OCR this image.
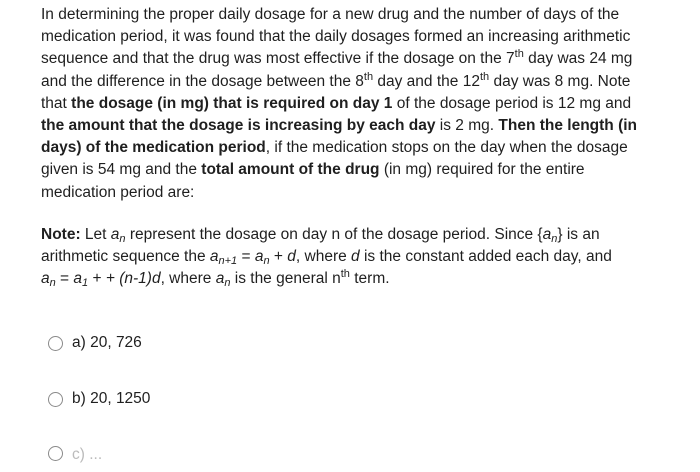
In determining the proper daily dosage for a new drug and the number of days of the medication period, it was found that the daily dosages formed an increasing arithmetic sequence and that the drug was most effective if the dosage on the 7th day was 24 mg and the difference in the dosage between the 8th day and the 12th day was 8 mg. Note that the dosage (in mg) that is required on day 1 of the dosage period is 12 mg and the amount that the dosage is increasing by each day is 2 mg. Then the length (in days) of the medication period, if the medication stops on the day when the dosage given is 54 mg and the total amount of the drug (in mg) required for the entire medication period are:

Note: Let $a_n$ represent the dosage on day n of the dosage period. Since $\{a_n\}$ is an arithmetic sequence the $a_{n+1} = a_n + d$, where d is the constant added each day, and
$a_n = a_1$ + + (n-1)d, where $a_n$ is the general $n^{th}$ term.

a) 20, 726
b) 20, 1250
c) ...
